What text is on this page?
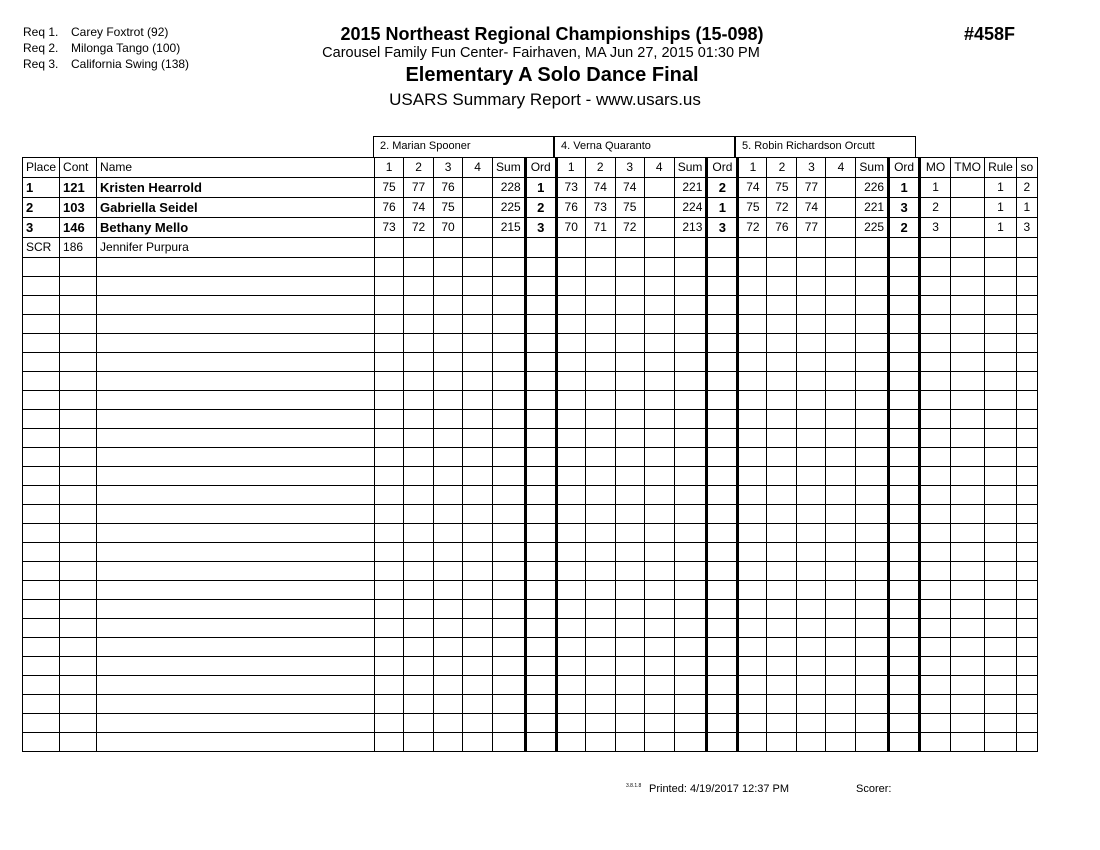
Req 1. Carey Foxtrot (92)
Req 2. Milonga Tango (100)
Req 3. California Swing (138)
2015 Northeast Regional Championships (15-098)
Carousel Family Fun Center- Fairhaven, MA Jun 27, 2015 01:30 PM
Elementary A Solo Dance Final
USARS Summary Report - www.usars.us
#458F
2. Marian Spooner	4. Verna Quaranto	5. Robin Richardson Orcutt
Place	Cont	Name	1	2	3	4	Sum	Ord	1	2	3	4	Sum	Ord	1	2	3	4	Sum	Ord	MO	TMO	Rule	so
1	121	Kristen Hearrold	75	77	76		228	1	73	74	74		221	2	74	75	77		226	1	1		1	2
2	103	Gabriella Seidel	76	74	75		225	2	76	73	75		224	1	75	72	74		221	3	2		1	1
3	146	Bethany Mello	73	72	70		215	3	70	71	72		213	3	72	76	77		225	2	3		1	3
SCR	186	Jennifer Purpura																						

3.8.1.8 Printed: 4/19/2017 12:37 PM	Scorer:
